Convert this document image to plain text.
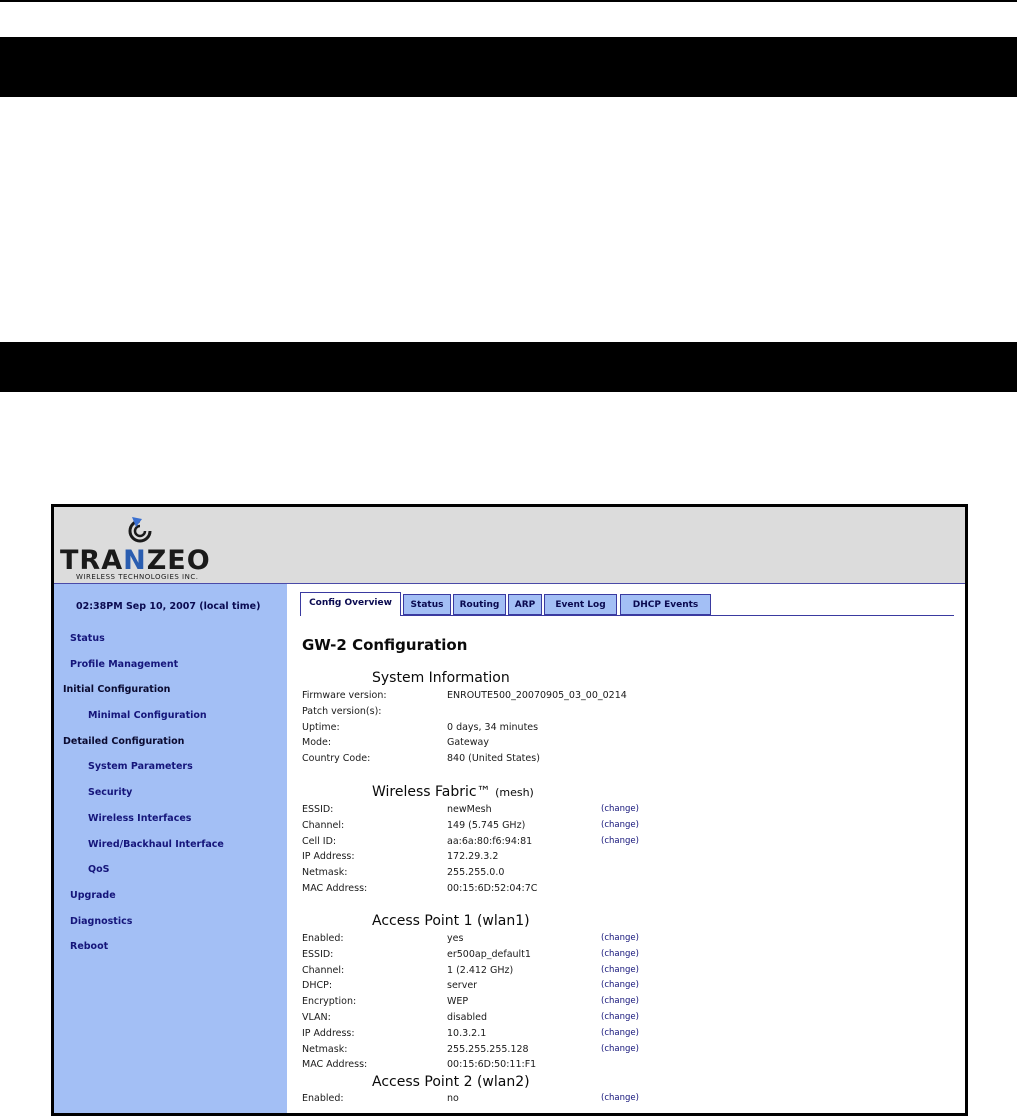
TRANZEO
WIRELESS TECHNOLOGIES INC.
02:38PM Sep 10, 2007 (local time)
Status
Profile Management
Initial Configuration
Minimal Configuration
Detailed Configuration
System Parameters
Security
Wireless Interfaces
Wired/Backhaul Interface
QoS
Upgrade
Diagnostics
Reboot
Config Overview	Status	Routing	ARP	Event Log	DHCP Events
GW-2 Configuration
System Information
Firmware version:	ENROUTE500_20070905_03_00_0214
Patch version(s):
Uptime:	0 days, 34 minutes
Mode:	Gateway
Country Code:	840 (United States)
Wireless Fabric™ (mesh)
ESSID:	newMesh	(change)
Channel:	149 (5.745 GHz)	(change)
Cell ID:	aa:6a:80:f6:94:81	(change)
IP Address:	172.29.3.2
Netmask:	255.255.0.0
MAC Address:	00:15:6D:52:04:7C
Access Point 1 (wlan1)
Enabled:	yes	(change)
ESSID:	er500ap_default1	(change)
Channel:	1 (2.412 GHz)	(change)
DHCP:	server	(change)
Encryption:	WEP	(change)
VLAN:	disabled	(change)
IP Address:	10.3.2.1	(change)
Netmask:	255.255.255.128	(change)
MAC Address:	00:15:6D:50:11:F1
Access Point 2 (wlan2)
Enabled:	no	(change)
